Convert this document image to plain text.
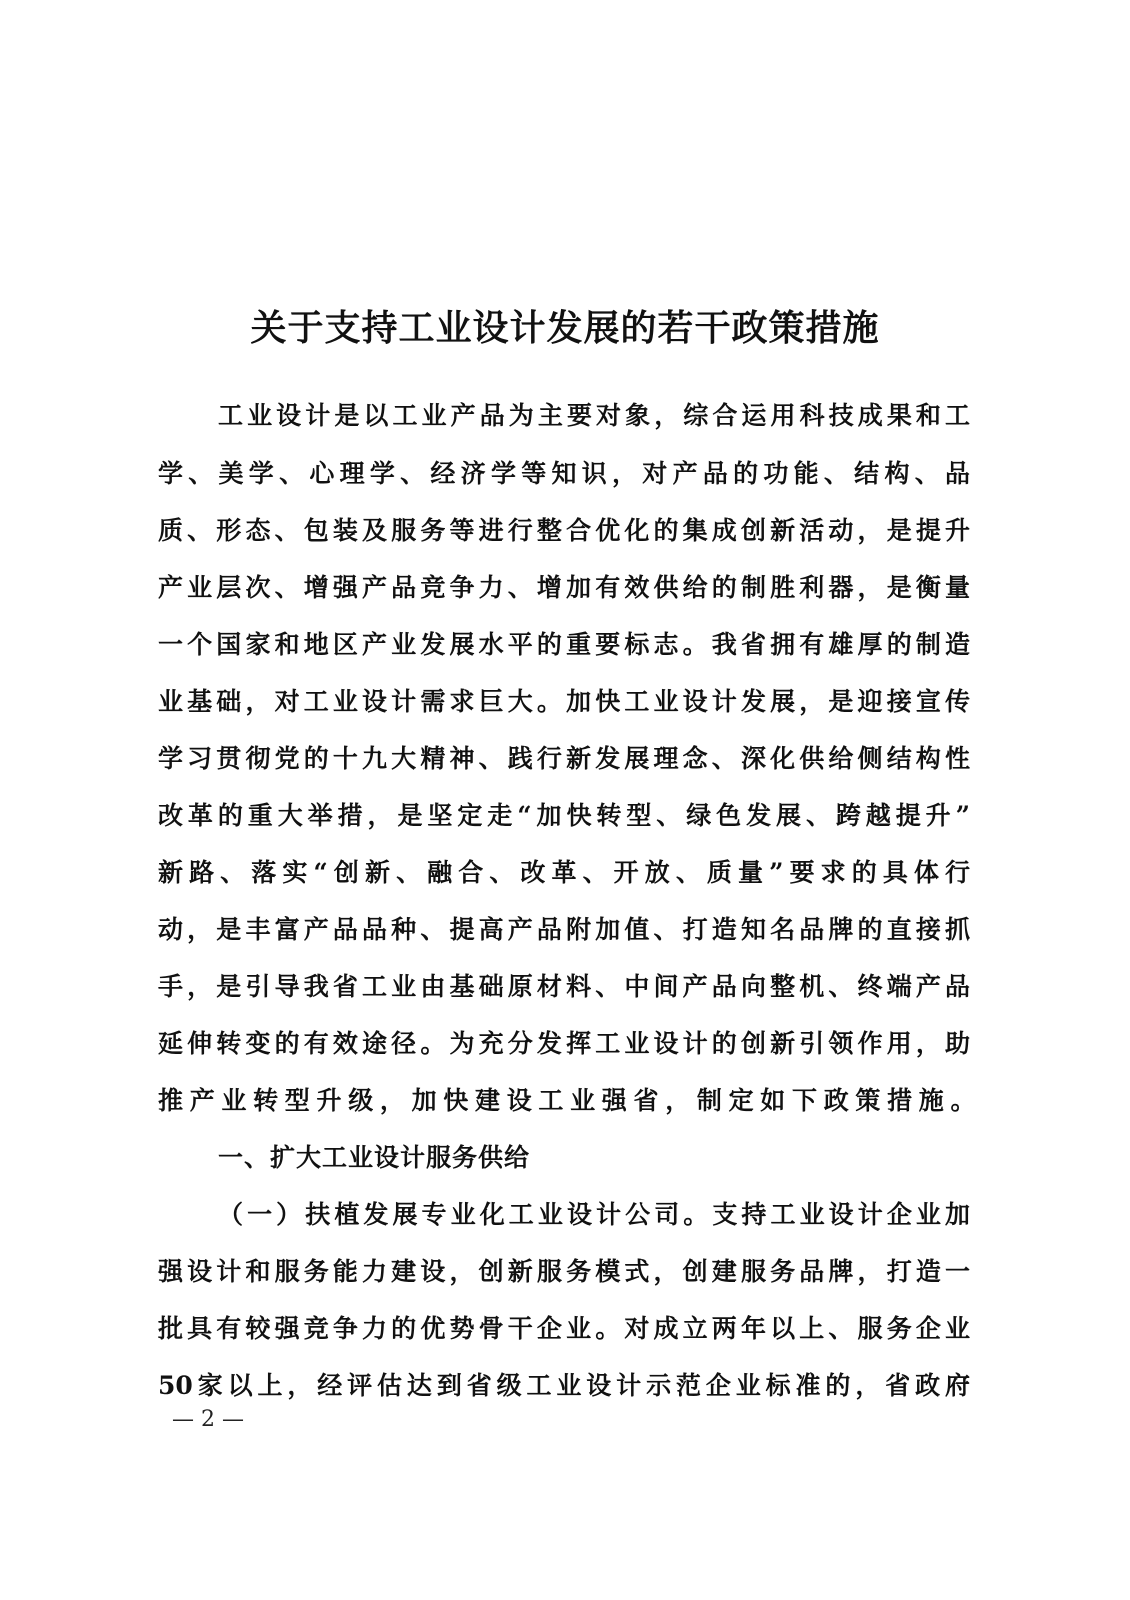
关于支持工业设计发展的若干政策措施
工业设计是以工业产品为主要对象，综合运用科技成果和工
学、美学、心理学、经济学等知识，对产品的功能、结构、品
质、形态、包装及服务等进行整合优化的集成创新活动，是提升
产业层次、增强产品竞争力、增加有效供给的制胜利器，是衡量
一个国家和地区产业发展水平的重要标志。我省拥有雄厚的制造
业基础，对工业设计需求巨大。加快工业设计发展，是迎接宣传
学习贯彻党的十九大精神、践行新发展理念、深化供给侧结构性
改革的重大举措，是坚定走“加快转型、绿色发展、跨越提升”
新路、落实“创新、融合、改革、开放、质量”要求的具体行
动，是丰富产品品种、提高产品附加值、打造知名品牌的直接抓
手，是引导我省工业由基础原材料、中间产品向整机、终端产品
延伸转变的有效途径。为充分发挥工业设计的创新引领作用，助
推产业转型升级，加快建设工业强省，制定如下政策措施。
一、扩大工业设计服务供给
（一）扶植发展专业化工业设计公司。支持工业设计企业加
强设计和服务能力建设，创新服务模式，创建服务品牌，打造一
批具有较强竞争力的优势骨干企业。对成立两年以上、服务企业
50家以上，经评估达到省级工业设计示范企业标准的，省政府
— 2 —
